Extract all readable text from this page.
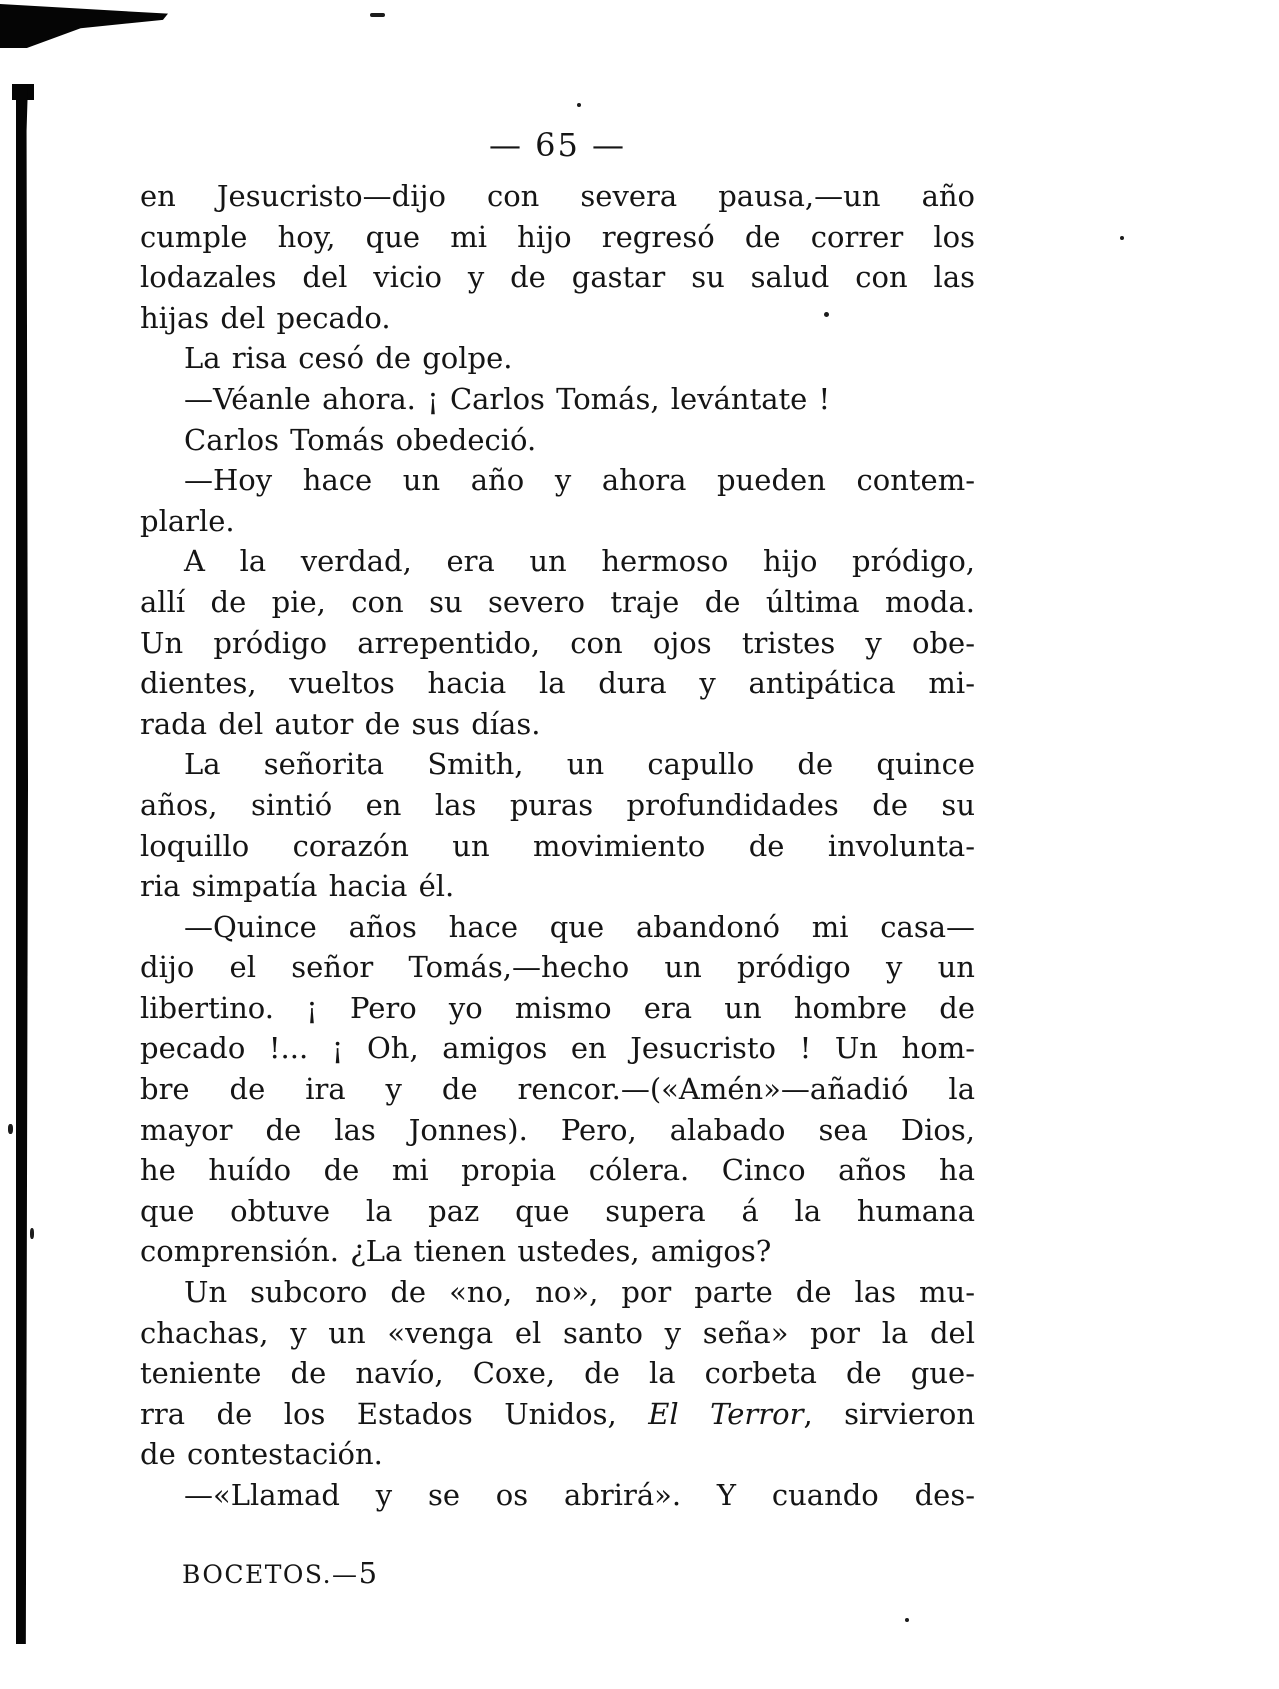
— 65 —
en Jesucristo—dijo con severa pausa,—un año
cumple hoy, que mi hijo regresó de correr los
lodazales del vicio y de gastar su salud con las
hijas del pecado.
La risa cesó de golpe.
—Véanle ahora. ¡ Carlos Tomás, levántate !
Carlos Tomás obedeció.
—Hoy hace un año y ahora pueden contem-
plarle.
A la verdad, era un hermoso hijo pródigo,
allí de pie, con su severo traje de última moda.
Un pródigo arrepentido, con ojos tristes y obe-
dientes, vueltos hacia la dura y antipática mi-
rada del autor de sus días.
La señorita Smith, un capullo de quince
años, sintió en las puras profundidades de su
loquillo corazón un movimiento de involunta-
ria simpatía hacia él.
—Quince años hace que abandonó mi casa—
dijo el señor Tomás,—hecho un pródigo y un
libertino. ¡ Pero yo mismo era un hombre de
pecado !... ¡ Oh, amigos en Jesucristo ! Un hom-
bre de ira y de rencor.—(«Amén»—añadió la
mayor de las Jonnes). Pero, alabado sea Dios,
he huído de mi propia cólera. Cinco años ha
que obtuve la paz que supera á la humana
comprensión. ¿La tienen ustedes, amigos?
Un subcoro de «no, no», por parte de las mu-
chachas, y un «venga el santo y seña» por la del
teniente de navío, Coxe, de la corbeta de gue-
rra de los Estados Unidos, El Terror, sirvieron
de contestación.
—«Llamad y se os abrirá». Y cuando des-
BOCETOS.—5
